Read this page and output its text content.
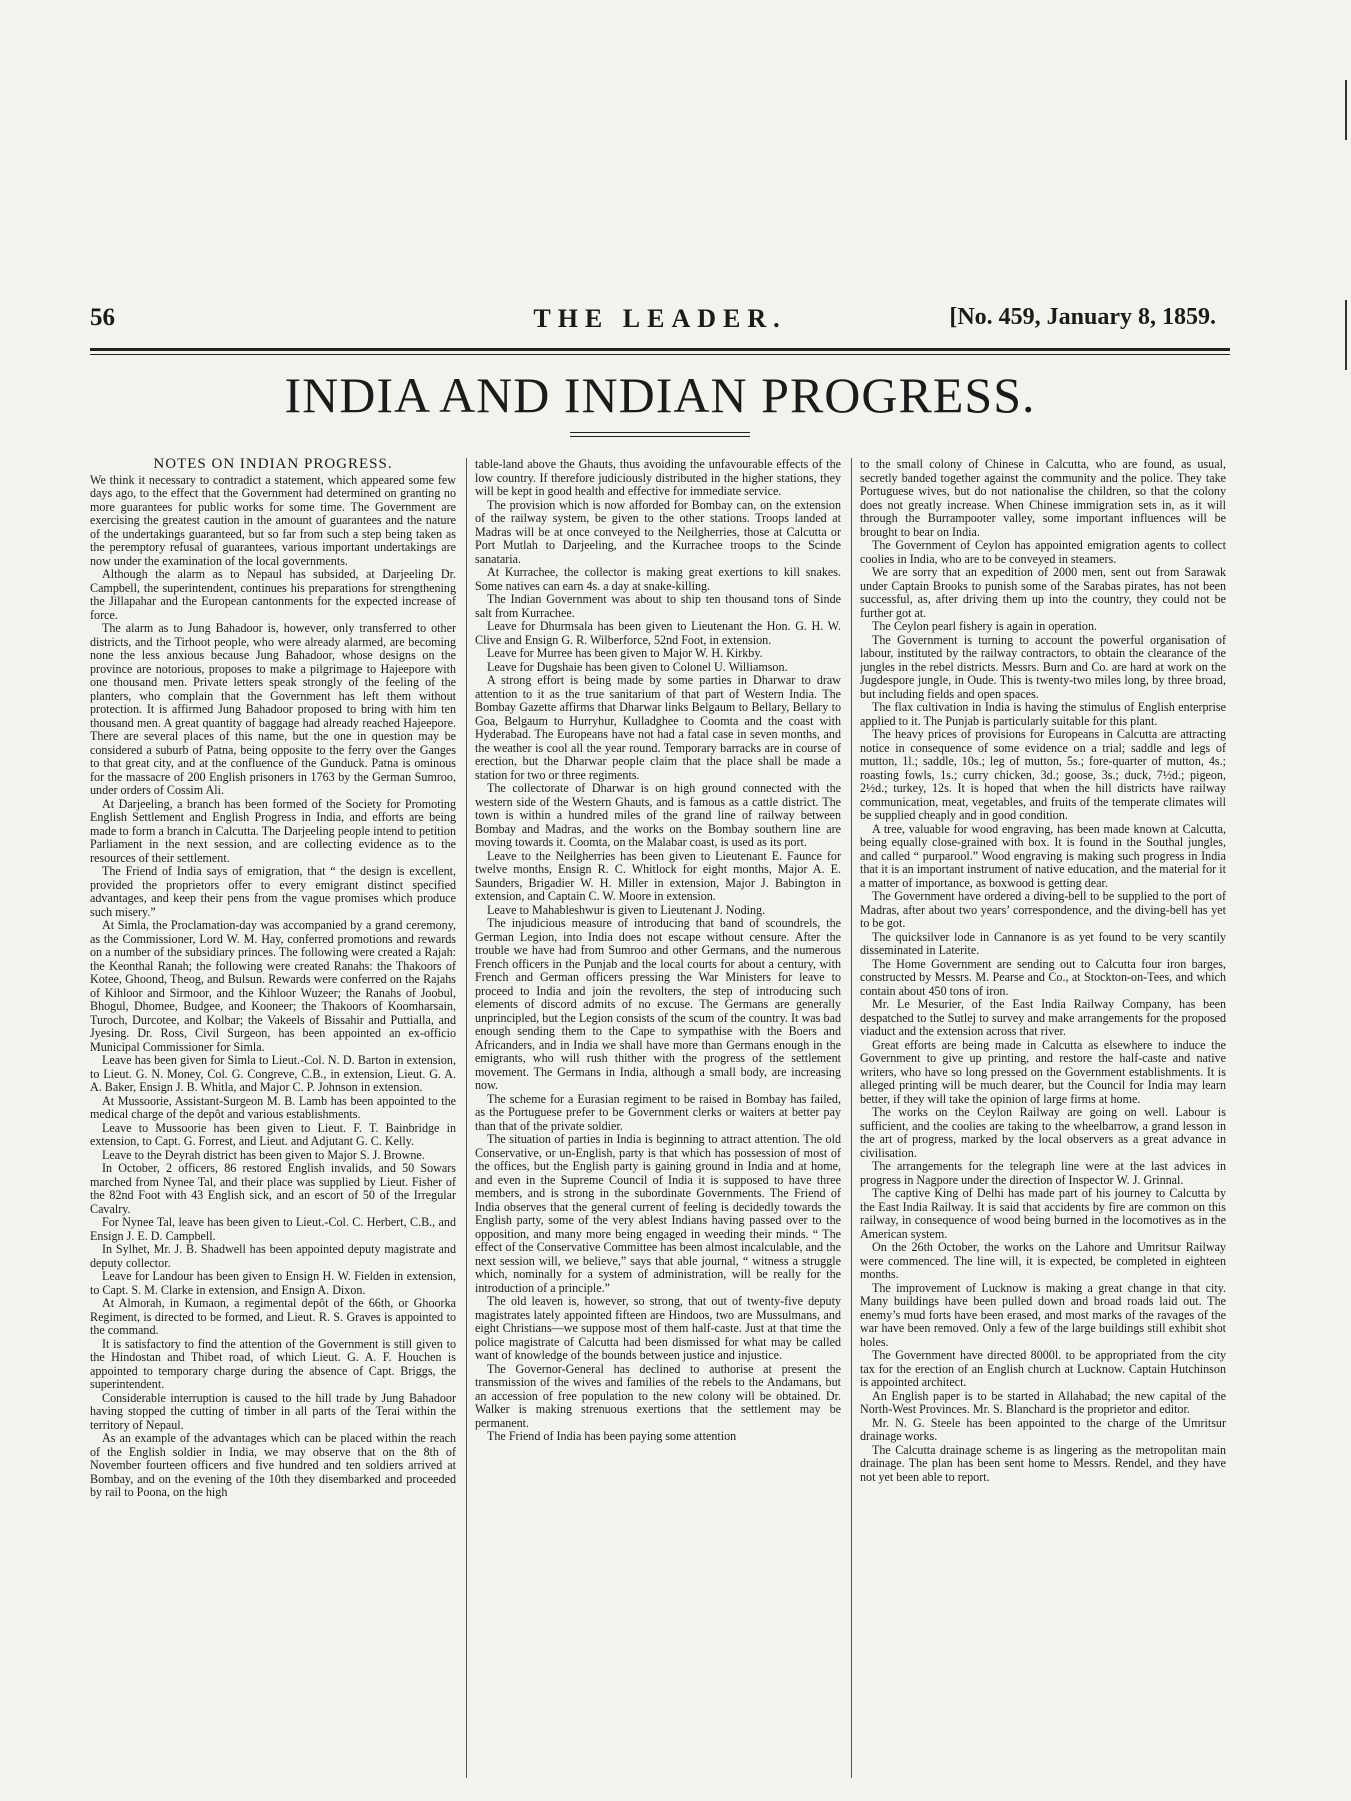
56	THE LEADER.	[No. 459, January 8, 1859.
INDIA AND INDIAN PROGRESS.
NOTES ON INDIAN PROGRESS.

We think it necessary to contradict a statement, which appeared some few days ago, to the effect that the Government had determined on granting no more guarantees for public works for some time. The Government are exercising the greatest caution in the amount of guarantees and the nature of the undertakings guaranteed, but so far from such a step being taken as the peremptory refusal of guarantees, various important undertakings are now under the examination of the local governments.

Although the alarm as to Nepaul has subsided, at Darjeeling Dr. Campbell, the superintendent, continues his preparations for strengthening the Jillapahar and the European cantonments for the expected increase of force.

The alarm as to Jung Bahadoor is, however, only transferred to other districts, and the Tirhoot people, who were already alarmed, are becoming none the less anxious because Jung Bahadoor, whose designs on the province are notorious, proposes to make a pilgrimage to Hajeepore with one thousand men. Private letters speak strongly of the feeling of the planters, who complain that the Government has left them without protection. It is affirmed Jung Bahadoor proposed to bring with him ten thousand men. A great quantity of baggage had already reached Hajeepore. There are several places of this name, but the one in question may be considered a suburb of Patna, being opposite to the ferry over the Ganges to that great city, and at the confluence of the Gunduck. Patna is ominous for the massacre of 200 English prisoners in 1763 by the German Sumroo, under orders of Cossim Ali.

At Darjeeling, a branch has been formed of the Society for Promoting English Settlement and English Progress in India, and efforts are being made to form a branch in Calcutta. The Darjeeling people intend to petition Parliament in the next session, and are collecting evidence as to the resources of their settlement.

The Friend of India says of emigration, that “ the design is excellent, provided the proprietors offer to every emigrant distinct specified advantages, and keep their pens from the vague promises which produce such misery.”

At Simla, the Proclamation-day was accompanied by a grand ceremony, as the Commissioner, Lord W. M. Hay, conferred promotions and rewards on a number of the subsidiary princes. The following were created a Rajah: the Keonthal Ranah; the following were created Ranahs: the Thakoors of Kotee, Ghoond, Theog, and Bulsun. Rewards were conferred on the Rajahs of Kihloor and Sirmoor, and the Kihloor Wuzeer; the Ranahs of Joobul, Bhogul, Dhomee, Budgee, and Kooneer; the Thakoors of Koomharsain, Turoch, Durcotee, and Kolbar; the Vakeels of Bissahir and Puttialla, and Jyesing. Dr. Ross, Civil Surgeon, has been appointed an ex-officio Municipal Commissioner for Simla.

Leave has been given for Simla to Lieut.-Col. N. D. Barton in extension, to Lieut. G. N. Money, Col. G. Congreve, C.B., in extension, Lieut. G. A. A. Baker, Ensign J. B. Whitla, and Major C. P. Johnson in extension.

At Mussoorie, Assistant-Surgeon M. B. Lamb has been appointed to the medical charge of the depôt and various establishments.

Leave to Mussoorie has been given to Lieut. F. T. Bainbridge in extension, to Capt. G. Forrest, and Lieut. and Adjutant G. C. Kelly.

Leave to the Deyrah district has been given to Major S. J. Browne.

In October, 2 officers, 86 restored English invalids, and 50 Sowars marched from Nynee Tal, and their place was supplied by Lieut. Fisher of the 82nd Foot with 43 English sick, and an escort of 50 of the Irregular Cavalry.

For Nynee Tal, leave has been given to Lieut.-Col. C. Herbert, C.B., and Ensign J. E. D. Campbell.

In Sylhet, Mr. J. B. Shadwell has been appointed deputy magistrate and deputy collector.

Leave for Landour has been given to Ensign H. W. Fielden in extension, to Capt. S. M. Clarke in extension, and Ensign A. Dixon.

At Almorah, in Kumaon, a regimental depôt of the 66th, or Ghoorka Regiment, is directed to be formed, and Lieut. R. S. Graves is appointed to the command.

It is satisfactory to find the attention of the Government is still given to the Hindostan and Thibet road, of which Lieut. G. A. F. Houchen is appointed to temporary charge during the absence of Capt. Briggs, the superintendent.

Considerable interruption is caused to the hill trade by Jung Bahadoor having stopped the cutting of timber in all parts of the Terai within the territory of Nepaul.

As an example of the advantages which can be placed within the reach of the English soldier in India, we may observe that on the 8th of November fourteen officers and five hundred and ten soldiers arrived at Bombay, and on the evening of the 10th they disembarked and proceeded by rail to Poona, on the high

table-land above the Ghauts, thus avoiding the unfavourable effects of the low country. If therefore judiciously distributed in the higher stations, they will be kept in good health and effective for immediate service.

The provision which is now afforded for Bombay can, on the extension of the railway system, be given to the other stations. Troops landed at Madras will be at once conveyed to the Neilgherries, those at Calcutta or Port Mutlah to Darjeeling, and the Kurrachee troops to the Scinde sanataria.

At Kurrachee, the collector is making great exertions to kill snakes. Some natives can earn 4s. a day at snake-killing.

The Indian Government was about to ship ten thousand tons of Sinde salt from Kurrachee.

Leave for Dhurmsala has been given to Lieutenant the Hon. G. H. W. Clive and Ensign G. R. Wilberforce, 52nd Foot, in extension.

Leave for Murree has been given to Major W. H. Kirkby.

Leave for Dugshaie has been given to Colonel U. Williamson.

A strong effort is being made by some parties in Dharwar to draw attention to it as the true sanitarium of that part of Western India. The Bombay Gazette affirms that Dharwar links Belgaum to Bellary, Bellary to Goa, Belgaum to Hurryhur, Kulladghee to Coomta and the coast with Hyderabad. The Europeans have not had a fatal case in seven months, and the weather is cool all the year round. Temporary barracks are in course of erection, but the Dharwar people claim that the place shall be made a station for two or three regiments.

The collectorate of Dharwar is on high ground connected with the western side of the Western Ghauts, and is famous as a cattle district. The town is within a hundred miles of the grand line of railway between Bombay and Madras, and the works on the Bombay southern line are moving towards it. Coomta, on the Malabar coast, is used as its port.

Leave to the Neilgherries has been given to Lieutenant E. Faunce for twelve months, Ensign R. C. Whitlock for eight months, Major A. E. Saunders, Brigadier W. H. Miller in extension, Major J. Babington in extension, and Captain C. W. Moore in extension.

Leave to Mahableshwur is given to Lieutenant J. Noding.

The injudicious measure of introducing that band of scoundrels, the German Legion, into India does not escape without censure. After the trouble we have had from Sumroo and other Germans, and the numerous French officers in the Punjab and the local courts for about a century, with French and German officers pressing the War Ministers for leave to proceed to India and join the revolters, the step of introducing such elements of discord admits of no excuse. The Germans are generally unprincipled, but the Legion consists of the scum of the country. It was bad enough sending them to the Cape to sympathise with the Boers and Africanders, and in India we shall have more than Germans enough in the emigrants, who will rush thither with the progress of the settlement movement. The Germans in India, although a small body, are increasing now.

The scheme for a Eurasian regiment to be raised in Bombay has failed, as the Portuguese prefer to be Government clerks or waiters at better pay than that of the private soldier.

The situation of parties in India is beginning to attract attention. The old Conservative, or un-English, party is that which has possession of most of the offices, but the English party is gaining ground in India and at home, and even in the Supreme Council of India it is supposed to have three members, and is strong in the subordinate Governments. The Friend of India observes that the general current of feeling is decidedly towards the English party, some of the very ablest Indians having passed over to the opposition, and many more being engaged in weeding their minds. “ The effect of the Conservative Committee has been almost incalculable, and the next session will, we believe,” says that able journal, “ witness a struggle which, nominally for a system of administration, will be really for the introduction of a principle.”

The old leaven is, however, so strong, that out of twenty-five deputy magistrates lately appointed fifteen are Hindoos, two are Mussulmans, and eight Christians—we suppose most of them half-caste. Just at that time the police magistrate of Calcutta had been dismissed for what may be called want of knowledge of the bounds between justice and injustice.

The Governor-General has declined to authorise at present the transmission of the wives and families of the rebels to the Andamans, but an accession of free population to the new colony will be obtained. Dr. Walker is making strenuous exertions that the settlement may be permanent.

The Friend of India has been paying some attention

to the small colony of Chinese in Calcutta, who are found, as usual, secretly banded together against the community and the police. They take Portuguese wives, but do not nationalise the children, so that the colony does not greatly increase. When Chinese immigration sets in, as it will through the Burrampooter valley, some important influences will be brought to bear on India.

The Government of Ceylon has appointed emigration agents to collect coolies in India, who are to be conveyed in steamers.

We are sorry that an expedition of 2000 men, sent out from Sarawak under Captain Brooks to punish some of the Sarabas pirates, has not been successful, as, after driving them up into the country, they could not be further got at.

The Ceylon pearl fishery is again in operation.

The Government is turning to account the powerful organisation of labour, instituted by the railway contractors, to obtain the clearance of the jungles in the rebel districts. Messrs. Burn and Co. are hard at work on the Jugdespore jungle, in Oude. This is twenty-two miles long, by three broad, but including fields and open spaces.

The flax cultivation in India is having the stimulus of English enterprise applied to it. The Punjab is particularly suitable for this plant.

The heavy prices of provisions for Europeans in Calcutta are attracting notice in consequence of some evidence on a trial; saddle and legs of mutton, 1l.; saddle, 10s.; leg of mutton, 5s.; fore-quarter of mutton, 4s.; roasting fowls, 1s.; curry chicken, 3d.; goose, 3s.; duck, 7½d.; pigeon, 2½d.; turkey, 12s. It is hoped that when the hill districts have railway communication, meat, vegetables, and fruits of the temperate climates will be supplied cheaply and in good condition.

A tree, valuable for wood engraving, has been made known at Calcutta, being equally close-grained with box. It is found in the Southal jungles, and called “ purparool.” Wood engraving is making such progress in India that it is an important instrument of native education, and the material for it a matter of importance, as boxwood is getting dear.

The Government have ordered a diving-bell to be supplied to the port of Madras, after about two years’ correspondence, and the diving-bell has yet to be got.

The quicksilver lode in Cannanore is as yet found to be very scantily disseminated in Laterite.

The Home Government are sending out to Calcutta four iron barges, constructed by Messrs. M. Pearse and Co., at Stockton-on-Tees, and which contain about 450 tons of iron.

Mr. Le Mesurier, of the East India Railway Company, has been despatched to the Sutlej to survey and make arrangements for the proposed viaduct and the extension across that river.

Great efforts are being made in Calcutta as elsewhere to induce the Government to give up printing, and restore the half-caste and native writers, who have so long pressed on the Government establishments. It is alleged printing will be much dearer, but the Council for India may learn better, if they will take the opinion of large firms at home.

The works on the Ceylon Railway are going on well. Labour is sufficient, and the coolies are taking to the wheelbarrow, a grand lesson in the art of progress, marked by the local observers as a great advance in civilisation.

The arrangements for the telegraph line were at the last advices in progress in Nagpore under the direction of Inspector W. J. Grinnal.

The captive King of Delhi has made part of his journey to Calcutta by the East India Railway. It is said that accidents by fire are common on this railway, in consequence of wood being burned in the locomotives as in the American system.

On the 26th October, the works on the Lahore and Umritsur Railway were commenced. The line will, it is expected, be completed in eighteen months.

The improvement of Lucknow is making a great change in that city. Many buildings have been pulled down and broad roads laid out. The enemy’s mud forts have been erased, and most marks of the ravages of the war have been removed. Only a few of the large buildings still exhibit shot holes.

The Government have directed 8000l. to be appropriated from the city tax for the erection of an English church at Lucknow. Captain Hutchinson is appointed architect.

An English paper is to be started in Allahabad; the new capital of the North-West Provinces. Mr. S. Blanchard is the proprietor and editor.

Mr. N. G. Steele has been appointed to the charge of the Umritsur drainage works.

The Calcutta drainage scheme is as lingering as the metropolitan main drainage. The plan has been sent home to Messrs. Rendel, and they have not yet been able to report.
